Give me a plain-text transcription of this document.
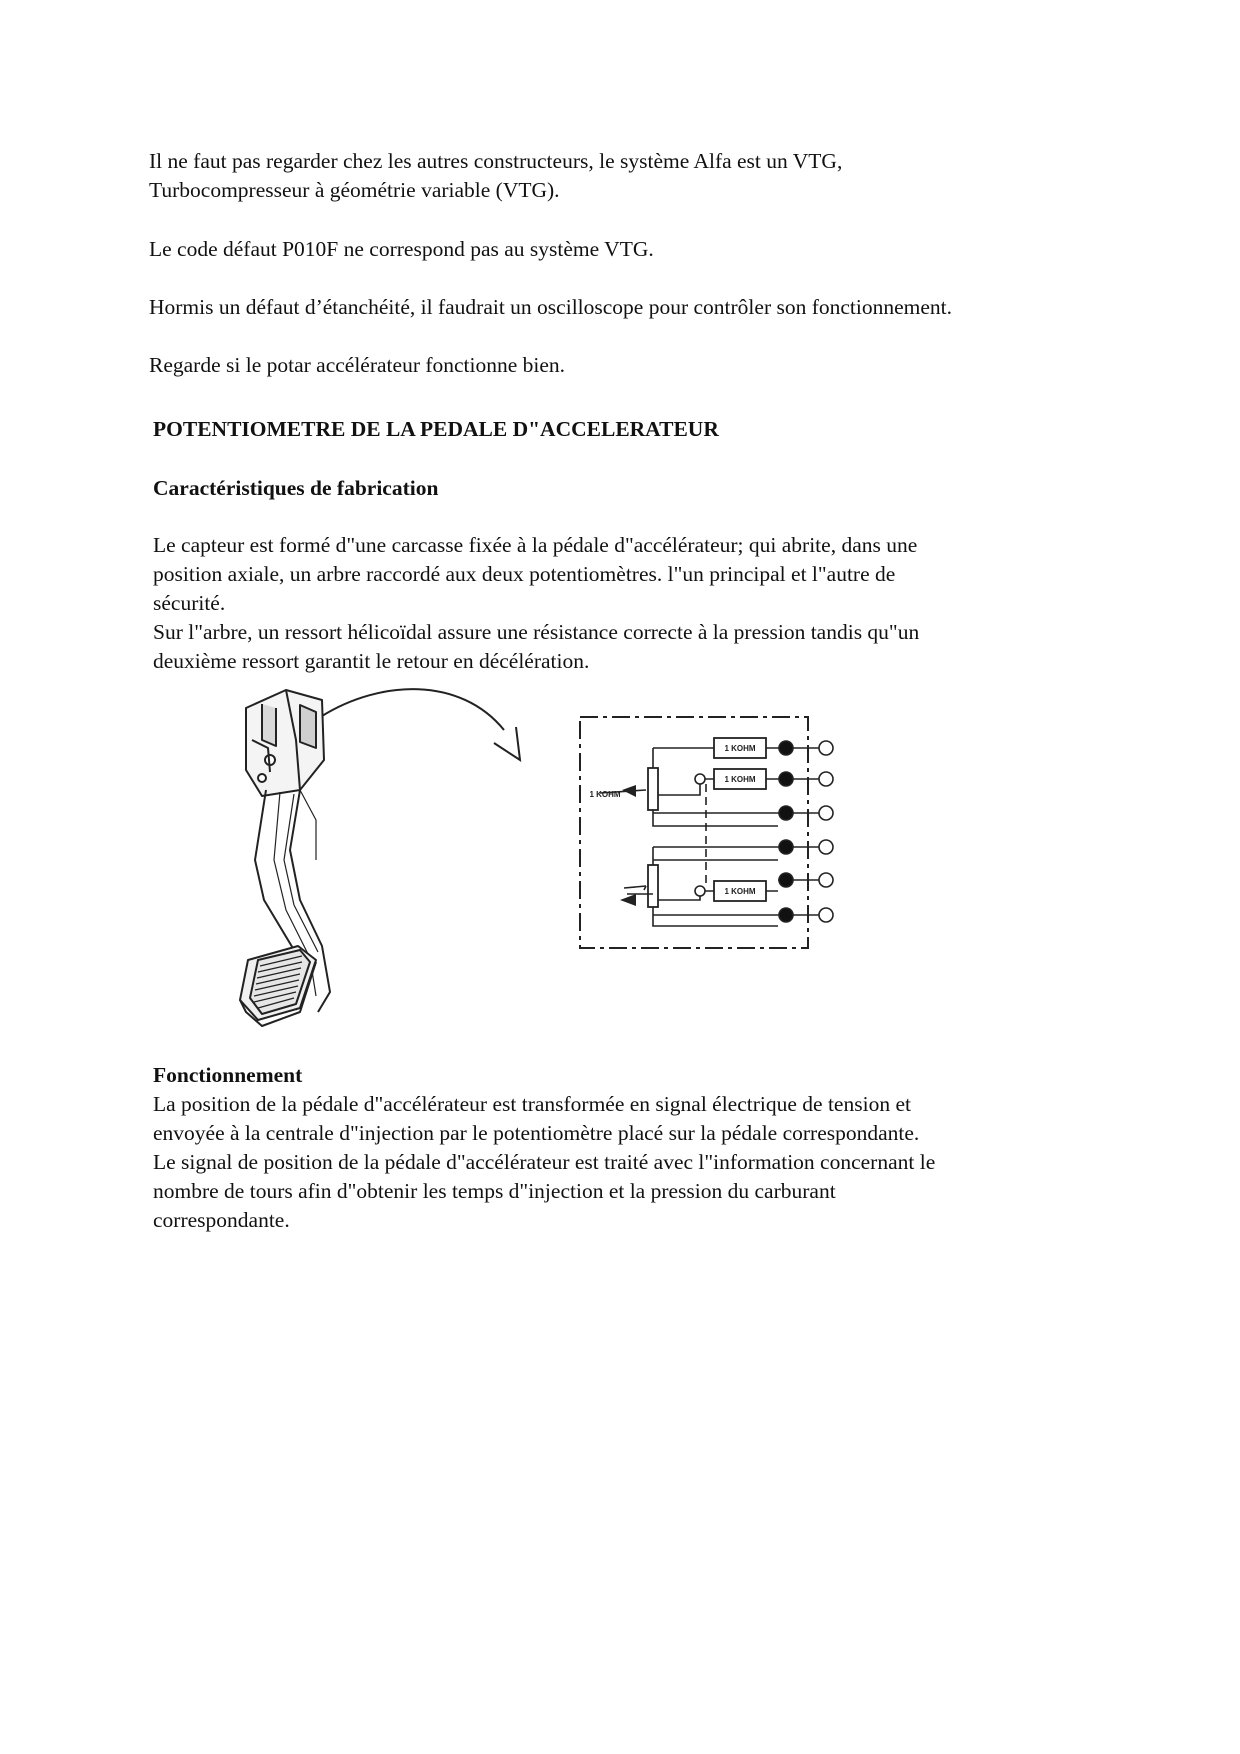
Il ne faut pas regarder chez les autres constructeurs, le système Alfa est un VTG,
Turbocompresseur à géométrie variable (VTG).

Le code défaut P010F ne correspond pas au système VTG.

Hormis un défaut d’étanchéité, il faudrait un oscilloscope pour contrôler son fonctionnement.

Regarde si le potar accélérateur fonctionne bien.

POTENTIOMETRE DE LA PEDALE D"ACCELERATEUR
Caractéristiques de fabrication
Le capteur est formé d"une carcasse fixée à la pédale d"accélérateur; qui abrite, dans une
position axiale, un arbre raccordé aux deux potentiomètres. l"un principal et l"autre de
sécurité.
Sur l"arbre, un ressort hélicoïdal assure une résistance correcte à la pression tandis qu"un
deuxième ressort garantit le retour en décélération.
1 KOHM
1 KOHM
1 KOHM
1 KOHM
Fonctionnement
La position de la pédale d"accélérateur est transformée en signal électrique de tension et
envoyée à la centrale d"injection par le potentiomètre placé sur la pédale correspondante.
Le signal de position de la pédale d"accélérateur est traité avec l"information concernant le
nombre de tours afin d"obtenir les temps d"injection et la pression du carburant
correspondante.
